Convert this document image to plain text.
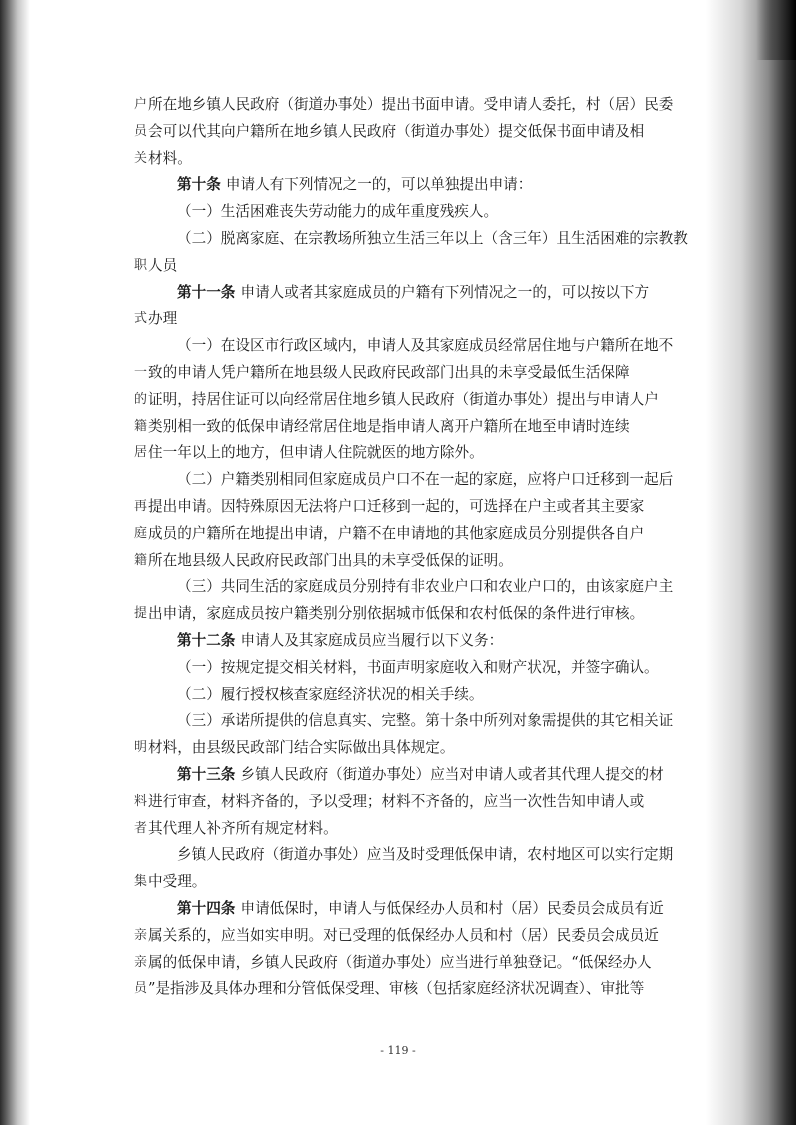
户 所在地乡镇人民政府（街道办事处）提出书面申请。受申请人委托，村（居）民委
员 会可以代其向户籍所在地乡镇人民政府（街道办事处）提交低保书面申请及相
关 材料。
第十条 申请人有下列情况之一的，可以单独提出申请：
（一）生活困难丧失劳动能力的成年重度残疾人。
（二）脱离家庭、在宗教场所独立生活三年以上（含三年）且生活困难的宗教教
职 人员
第十一条 申请人或者其家庭成员的户籍有下列情况之一的，可以按以下方
式 办理
（一）在设区市行政区域内，申请人及其家庭成员经常居住地与户籍所在地不
一 致的申请人凭户籍所在地县级人民政府民政部门出具的未享受最低生活保障
的 证明，持居住证可以向经常居住地乡镇人民政府（街道办事处）提出与申请人户
籍 类别相一致的低保申请经常居住地是指申请人离开户籍所在地至申请时连续
居 住一年以上的地方，但申请人住院就医的地方除外。
（二）户籍类别相同但家庭成员户口不在一起的家庭，应将户口迁移到一起后
再 提出申请。因特殊原因无法将户口迁移到一起的，可选择在户主或者其主要家
庭 成员的户籍所在地提出申请，户籍不在申请地的其他家庭成员分别提供各自户
籍 所在地县级人民政府民政部门出具的未享受低保的证明。
（三）共同生活的家庭成员分别持有非农业户口和农业户口的，由该家庭户主
提 出申请，家庭成员按户籍类别分别依据城市低保和农村低保的条件进行审核。
第十二条 申请人及其家庭成员应当履行以下义务：
（一）按规定提交相关材料，书面声明家庭收入和财产状况，并签字确认。
（二）履行授权核查家庭经济状况的相关手续。
（三）承诺所提供的信息真实、完整。第十条中所列对象需提供的其它相关证
明 材料，由县级民政部门结合实际做出具体规定。
第十三条 乡镇人民政府（街道办事处）应当对申请人或者其代理人提交的材
料 进行审查，材料齐备的，予以受理；材料不齐备的，应当一次性告知申请人或
者 其代理人补齐所有规定材料。
乡镇人民政府（街道办事处）应当及时受理低保申请，农村地区可以实行定期
集 中受理。
第十四条 申请低保时，申请人与低保经办人员和村（居）民委员会成员有近
亲 属关系的，应当如实申明。对已受理的低保经办人员和村（居）民委员会成员近
亲 属的低保申请，乡镇人民政府（街道办事处）应当进行单独登记。“低保经办人
员 ”是指涉及具体办理和分管低保受理、审核（包括家庭经济状况调查）、审批等
- 119 -
